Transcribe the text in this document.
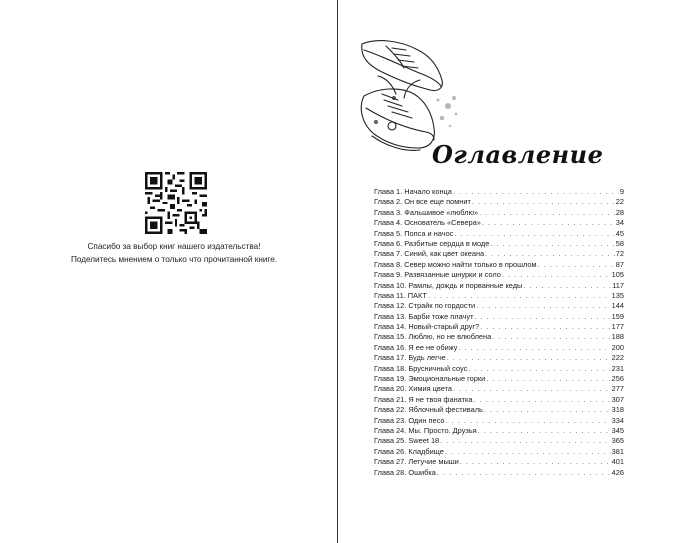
Спасибо за выбор книг нашего издательства!
Поделитесь мнением о только что прочитанной книге.
Оглавление
Глава 1. Начало конца . . .	9
Глава 2. Он все еще помнит . . .	22
Глава 3. Фальшивое «люблю» . . .	28
Глава 4. Основатель «Севера» . . .	34
Глава 5. Попса и начос . . .	45
Глава 6. Разбитые сердца в моде . . .	58
Глава 7. Синий, как цвет океана . . .	72
Глава 8. Север можно найти только в прошлом . . .	87
Глава 9. Развязанные шнурки и соло . . .	105
Глава 10. Рамлы, дождь и порванные кеды . . .	117
Глава 11. ПАКТ . . .	135
Глава 12. Страйк по гордости . . .	144
Глава 13. Барби тоже плачут . . .	159
Глава 14. Новый-старый друг? . . .	177
Глава 15. Люблю, но не влюблена . . .	188
Глава 16. Я ее не обижу . . .	200
Глава 17. Будь легче . . .	222
Глава 18. Брусничный соус . . .	231
Глава 19. Эмоциональные горки . . .	256
Глава 20. Химия цвета . . .	277
Глава 21. Я не твоя фанатка . . .	307
Глава 22. Яблочный фестиваль . . .	318
Глава 23. Один песо . . .	334
Глава 24. Мы. Просто. Друзья . . .	345
Глава 25. Sweet 18 . . .	365
Глава 26. Кладбище . . .	381
Глава 27. Летучие мыши . . .	401
Глава 28. Ошибка . . .	426
